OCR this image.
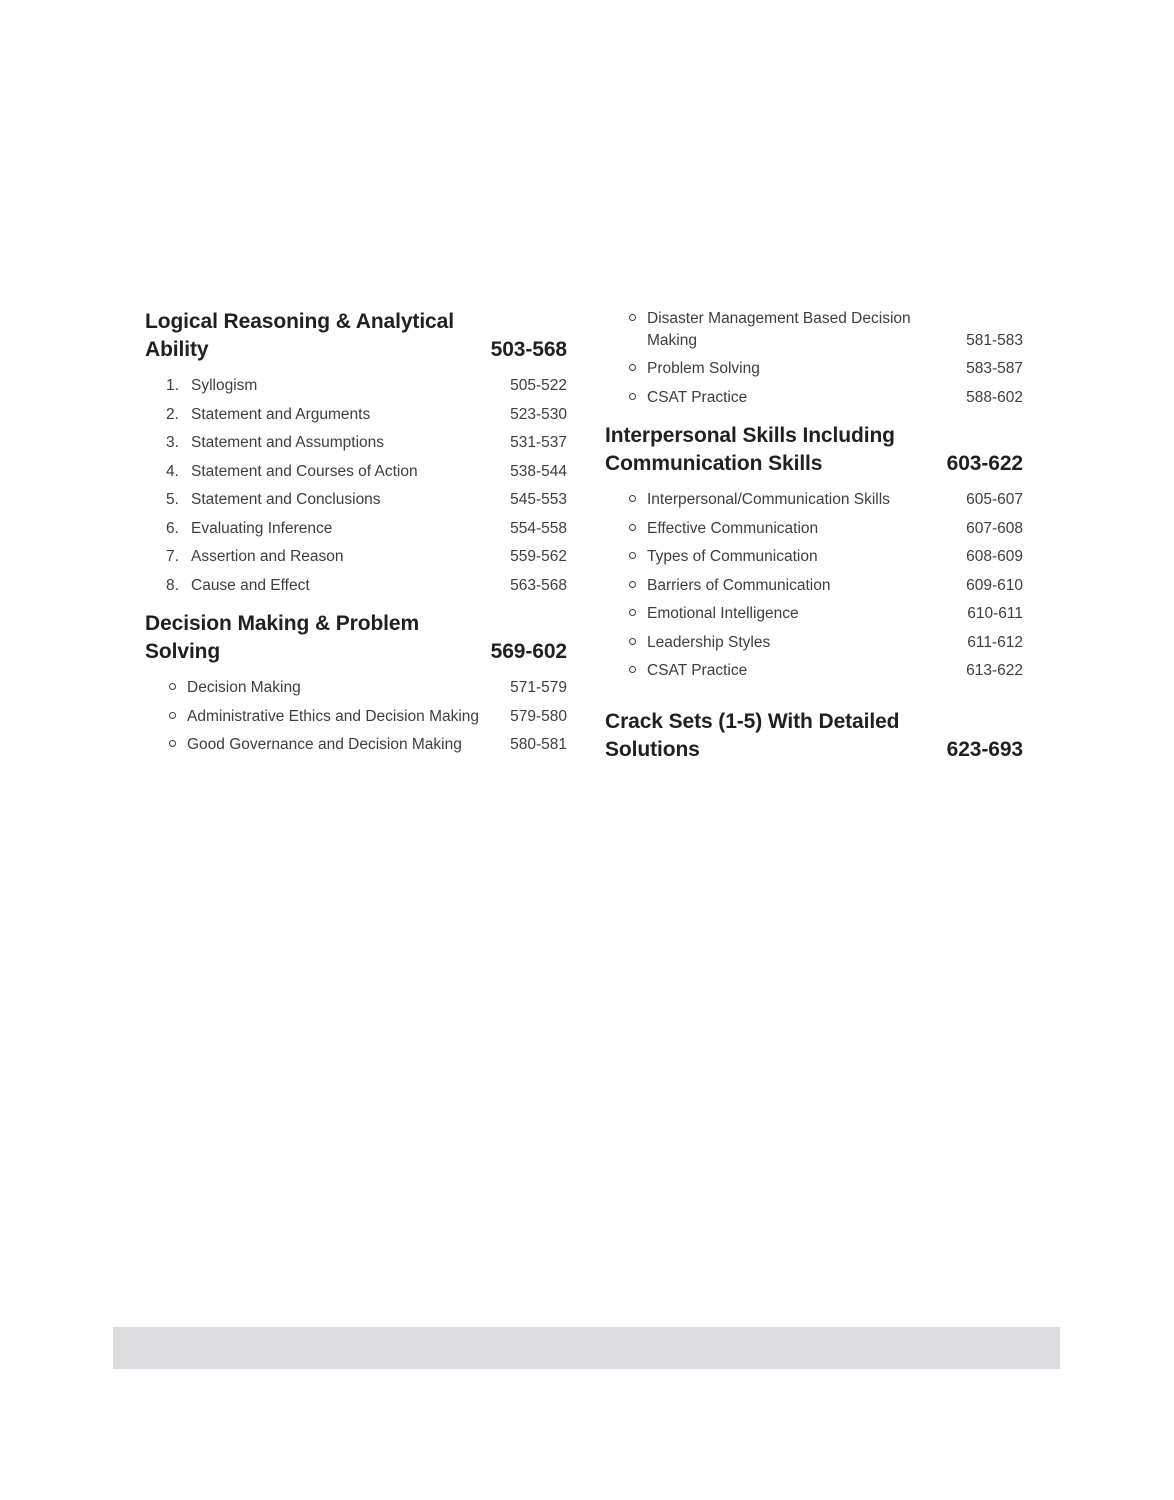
Logical Reasoning & Analytical Ability	503-568
1. Syllogism	505-522
2. Statement and Arguments	523-530
3. Statement and Assumptions	531-537
4. Statement and Courses of Action	538-544
5. Statement and Conclusions	545-553
6. Evaluating Inference	554-558
7. Assertion and Reason	559-562
8. Cause and Effect	563-568
Decision Making & Problem Solving	569-602
Decision Making	571-579
Administrative Ethics and Decision Making	579-580
Good Governance and Decision Making	580-581
Disaster Management Based Decision Making	581-583
Problem Solving	583-587
CSAT Practice	588-602
Interpersonal Skills Including Communication Skills	603-622
Interpersonal/Communication Skills	605-607
Effective Communication	607-608
Types of Communication	608-609
Barriers of Communication	609-610
Emotional Intelligence	610-611
Leadership Styles	611-612
CSAT Practice	613-622
Crack Sets (1-5) With Detailed Solutions	623-693
